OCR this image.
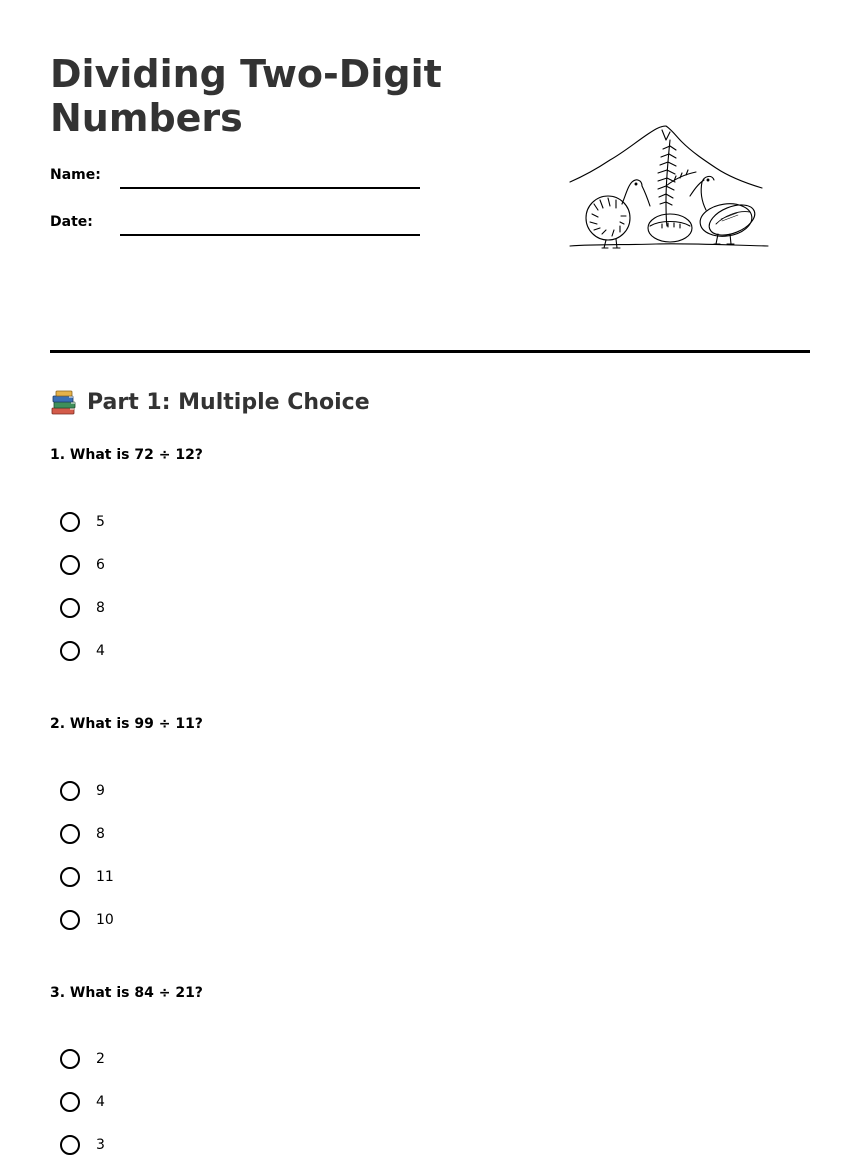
Dividing Two-Digit Numbers
Name:
Date:
Part 1: Multiple Choice
1. What is 72 ÷ 12?
5
6
8
4
2. What is 99 ÷ 11?
9
8
11
10
3. What is 84 ÷ 21?
2
4
3
